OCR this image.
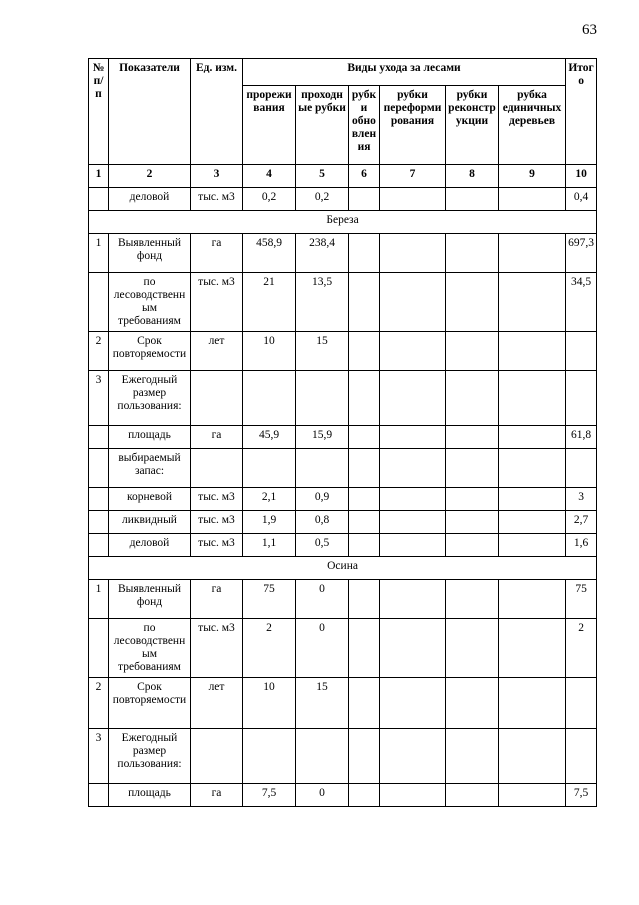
63
№ п/п	Показатели	Ед. изм.	Виды ухода за лесами						Итого
			прореживания	проходные рубки	рубки обновления	рубки переформирования	рубки реконструкции	рубка единичных деревьев	
1	2	3	4	5	6	7	8	9	10
	деловой	тыс. м3	0,2	0,2					0,4
Береза									
1	Выявленный фонд	га	458,9	238,4					697,3
	по лесоводственным требованиям	тыс. м3	21	13,5					34,5
2	Срок повторяемости	лет	10	15					
3	Ежегодный размер пользования:								
	площадь	га	45,9	15,9					61,8
	выбираемый запас:								
	корневой	тыс. м3	2,1	0,9					3
	ликвидный	тыс. м3	1,9	0,8					2,7
	деловой	тыс. м3	1,1	0,5					1,6
Осина									
1	Выявленный фонд	га	75	0					75
	по лесоводственным требованиям	тыс. м3	2	0					2
2	Срок повторяемости	лет	10	15					
3	Ежегодный размер пользования:								
	площадь	га	7,5	0					7,5
